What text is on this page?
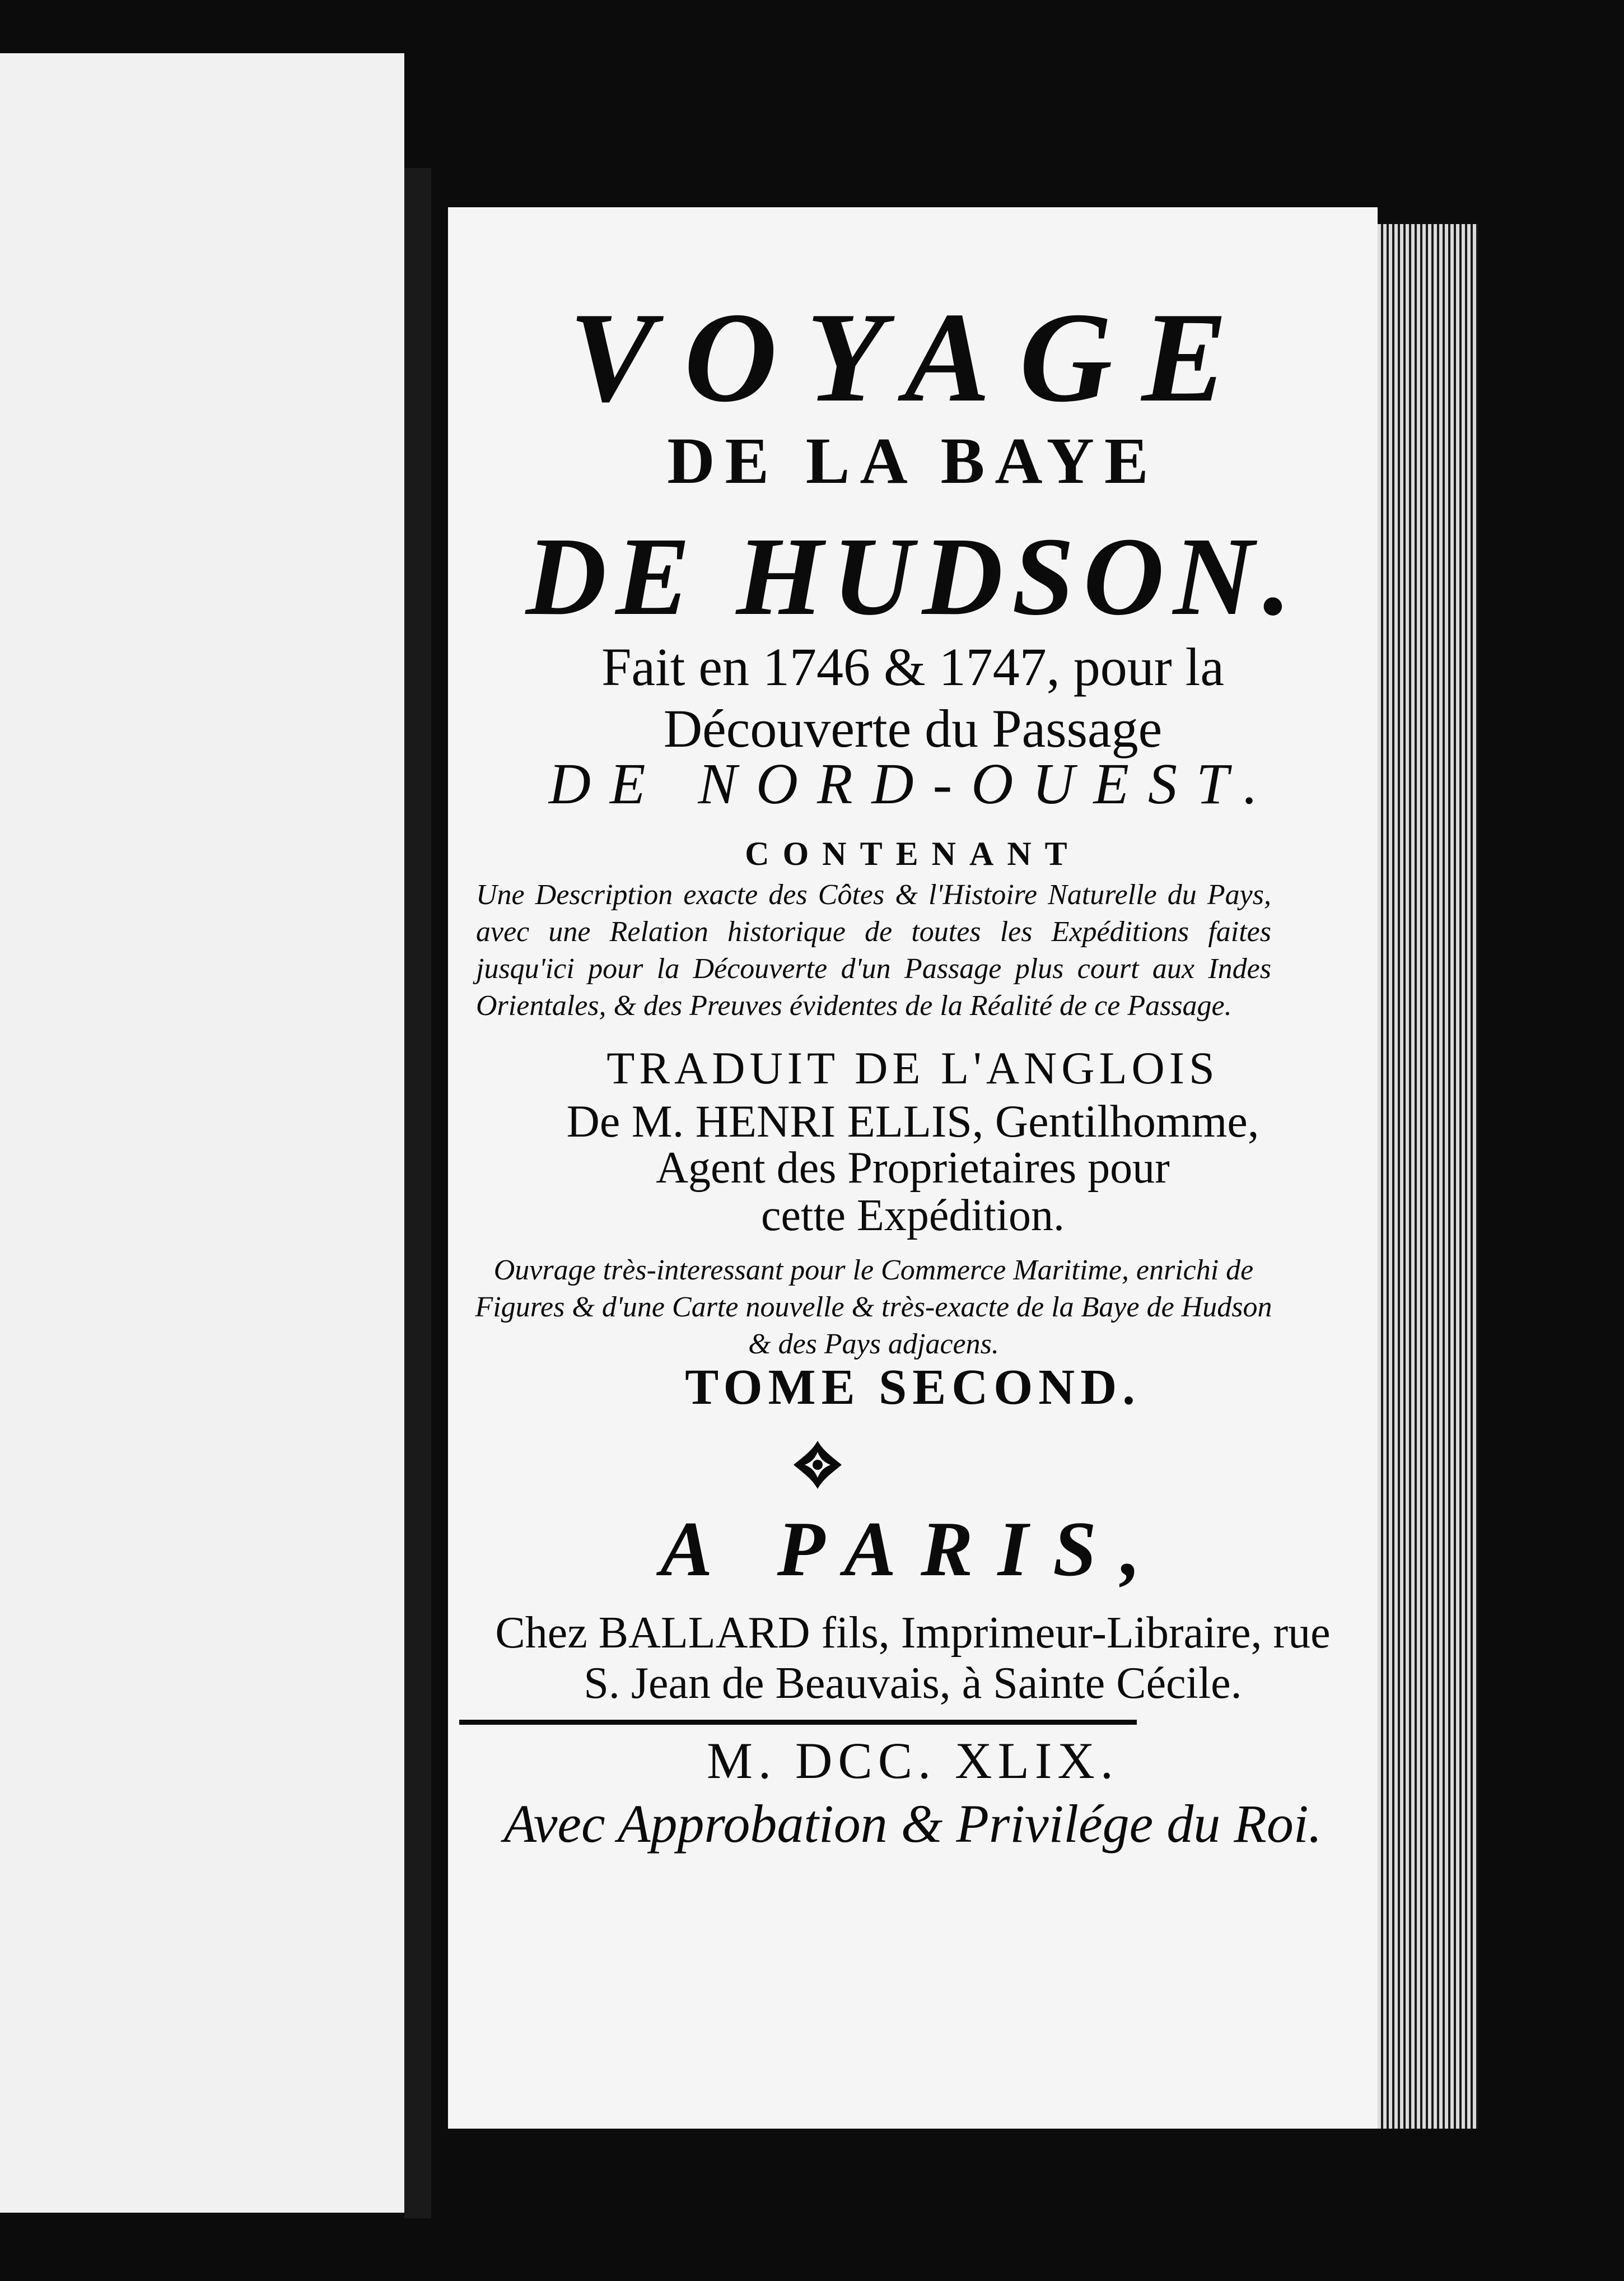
VOYAGE
DE LA BAYE
DE HUDSON.
Fait en 1746 & 1747, pour la
Découverte du Passage
DE NORD-OUEST.
CONTENANT
Une Description exacte des Côtes & l'Histoire Naturelle du Pays, avec une Relation historique de toutes les Expéditions faites jusqu'ici pour la Découverte d'un Passage plus court aux Indes Orientales, & des Preuves évidentes de la Réalité de ce Passage.
TRADUIT DE L'ANGLOIS
De M. HENRI ELLIS, Gentilhomme,
Agent des Proprietaires pour
cette Expédition.
Ouvrage très-interessant pour le Commerce Maritime, enrichi de Figures & d'une Carte nouvelle & très-exacte de la Baye de Hudson & des Pays adjacens.
TOME SECOND.
A PARIS,
Chez BALLARD fils, Imprimeur-Libraire, rue
S. Jean de Beauvais, à Sainte Cécile.
M. DCC. XLIX.
Avec Approbation & Privilége du Roi.
